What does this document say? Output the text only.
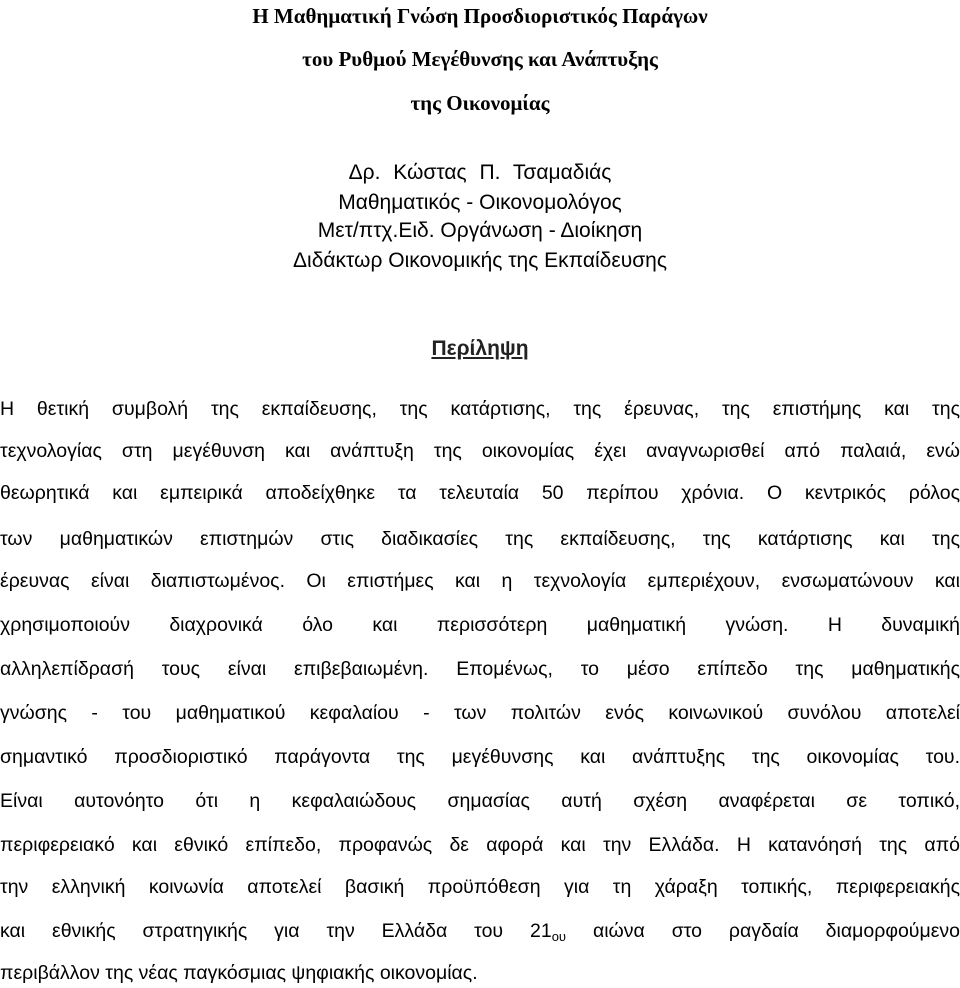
Η Μαθηματική Γνώση Προσδιοριστικός Παράγων
του Ρυθμού Μεγέθυνσης και Ανάπτυξης
της Οικονομίας
Δρ. Κώστας Π. Τσαμαδιάς
Μαθηματικός - Οικονομολόγος
Μετ/πτχ.Ειδ. Οργάνωση - Διοίκηση
Διδάκτωρ Οικονομικής της Εκπαίδευσης
Περίληψη
Η θετική συμβολή της εκπαίδευσης, της κατάρτισης, της έρευνας, της επιστήμης και της
τεχνολογίας στη μεγέθυνση και ανάπτυξη της οικονομίας έχει αναγνωρισθεί από παλαιά, ενώ
θεωρητικά και εμπειρικά αποδείχθηκε τα τελευταία 50 περίπου χρόνια. Ο κεντρικός ρόλος
των μαθηματικών επιστημών στις διαδικασίες της εκπαίδευσης, της κατάρτισης και της
έρευνας είναι διαπιστωμένος. Οι επιστήμες και η τεχνολογία εμπεριέχουν, ενσωματώνουν και
χρησιμοποιούν διαχρονικά όλο και περισσότερη μαθηματική γνώση. Η δυναμική
αλληλεπίδρασή τους είναι επιβεβαιωμένη. Επομένως, το μέσο επίπεδο της μαθηματικής
γνώσης - του μαθηματικού κεφαλαίου - των πολιτών ενός κοινωνικού συνόλου αποτελεί
σημαντικό προσδιοριστικό παράγοντα της μεγέθυνσης και ανάπτυξης της οικονομίας του.
Είναι αυτονόητο ότι η κεφαλαιώδους σημασίας αυτή σχέση αναφέρεται σε τοπικό,
περιφερειακό και εθνικό επίπεδο, προφανώς δε αφορά και την Ελλάδα. Η κατανόησή της από
την ελληνική κοινωνία αποτελεί βασική προϋπόθεση για τη χάραξη τοπικής, περιφερειακής
και εθνικής στρατηγικής για την Ελλάδα του $21_{o\upsilon}$ αιώνα στο ραγδαία διαμορφούμενο
περιβάλλον της νέας παγκόσμιας ψηφιακής οικονομίας.
